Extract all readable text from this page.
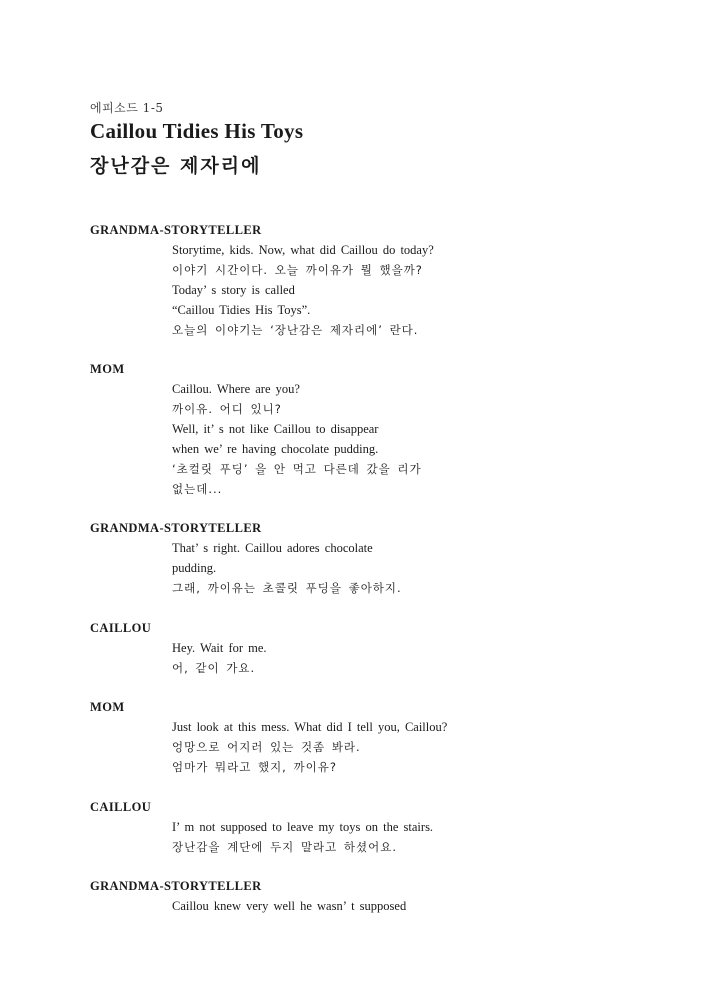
에피소드 1-5
Caillou Tidies His Toys
장난감은 제자리에
GRANDMA-STORYTELLER
Storytime, kids. Now, what did Caillou do today?
이야기 시간이다. 오늘 까이유가 뭘 했을까?
Today’ s story is called
“Caillou Tidies His Toys”.
오늘의 이야기는 ‘장난감은 제자리에’ 란다.
MOM
Caillou. Where are you?
까이유. 어디 있니?
Well, it’ s not like Caillou to disappear
when we’ re having chocolate pudding.
‘초컬릿 푸딩’ 을 안 먹고 다른데 갔을 리가
없는데...
GRANDMA-STORYTELLER
That’ s right. Caillou adores chocolate
pudding.
그래, 까이유는 초콜릿 푸딩을 좋아하지.
CAILLOU
Hey. Wait for me.
어, 같이 가요.
MOM
Just look at this mess. What did I tell you, Caillou?
엉망으로 어지러 있는 것좀 봐라.
엄마가 뭐라고 했지, 까이유?
CAILLOU
I’ m not supposed to leave my toys on the stairs.
장난감을 계단에 두지 말라고 하셨어요.
GRANDMA-STORYTELLER
Caillou knew very well he wasn’ t supposed
